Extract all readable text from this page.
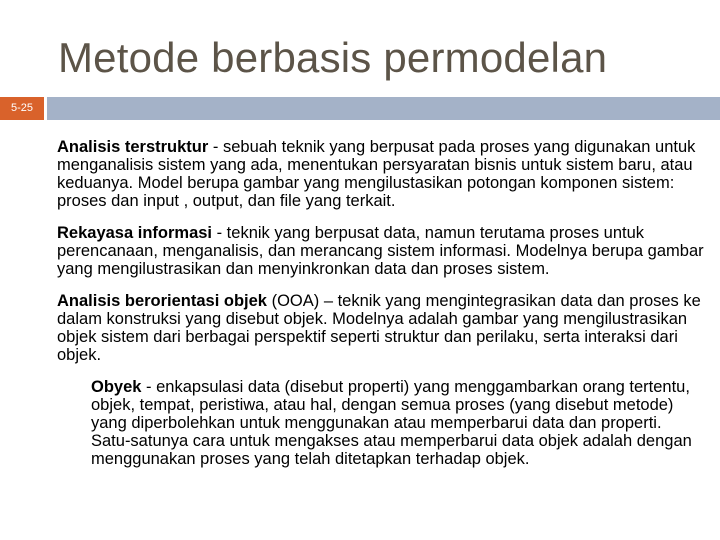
Metode berbasis permodelan
5-25

Analisis terstruktur - sebuah teknik yang berpusat pada proses yang digunakan untuk menganalisis sistem yang ada, menentukan persyaratan bisnis untuk sistem baru, atau keduanya. Model berupa gambar yang mengilustasikan potongan komponen sistem: proses dan input , output, dan file yang terkait.

Rekayasa informasi - teknik yang berpusat data, namun terutama proses untuk perencanaan, menganalisis, dan merancang sistem informasi. Modelnya berupa gambar yang mengilustrasikan dan menyinkronkan data dan proses sistem.

Analisis berorientasi objek (OOA) – teknik yang mengintegrasikan data dan proses ke dalam konstruksi yang disebut objek. Modelnya adalah gambar yang mengilustrasikan objek sistem dari berbagai perspektif seperti struktur dan perilaku, serta interaksi dari objek.

Obyek - enkapsulasi data (disebut properti) yang menggambarkan orang tertentu, objek, tempat, peristiwa, atau hal, dengan semua proses (yang disebut metode) yang diperbolehkan untuk menggunakan atau memperbarui data dan properti. Satu-satunya cara untuk mengakses atau memperbarui data objek adalah dengan menggunakan proses yang telah ditetapkan terhadap objek.
